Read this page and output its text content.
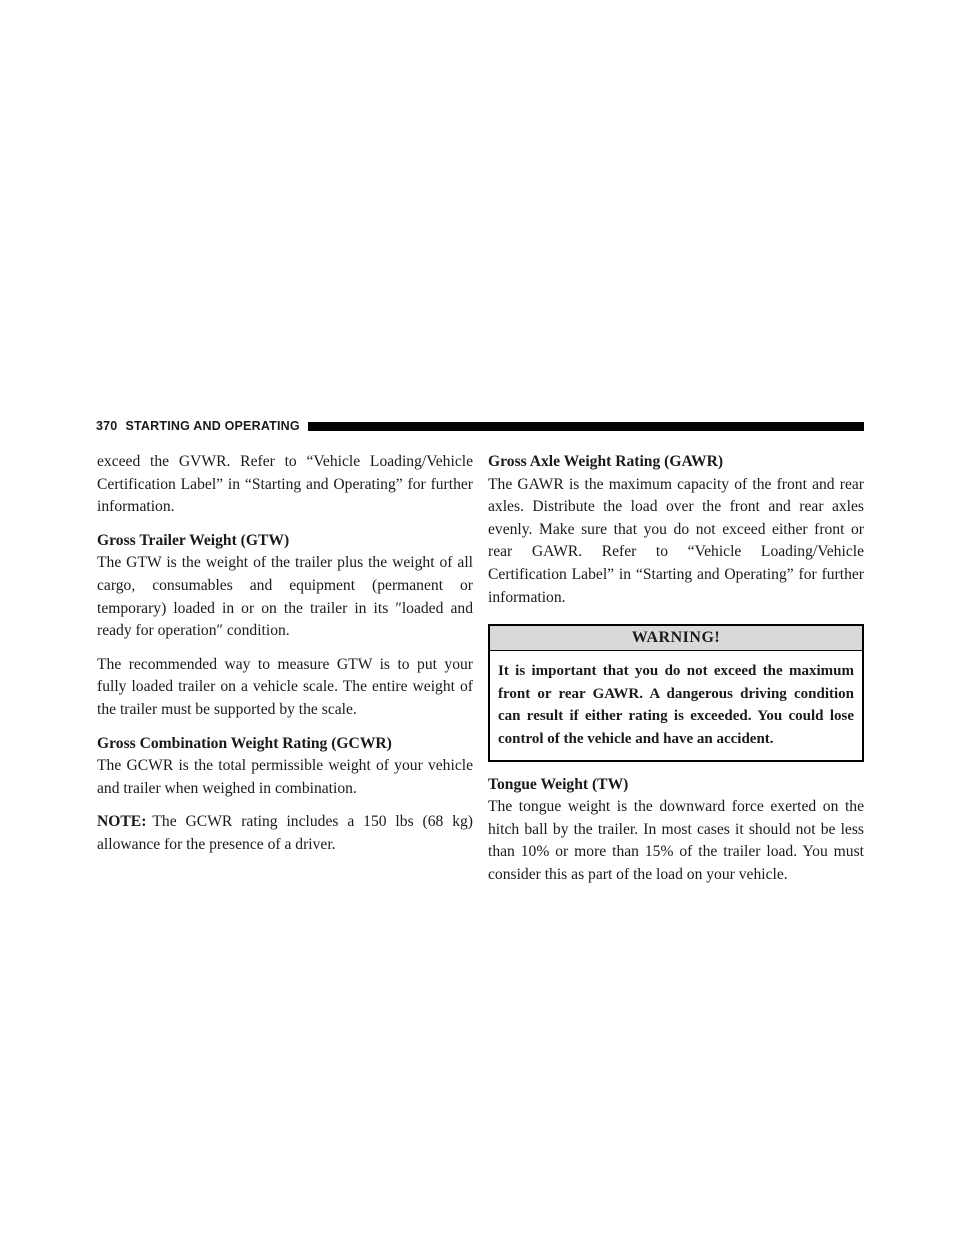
370 STARTING AND OPERATING

exceed the GVWR. Refer to “Vehicle Loading/Vehicle Certification Label” in “Starting and Operating” for further information.

Gross Trailer Weight (GTW)

The GTW is the weight of the trailer plus the weight of all cargo, consumables and equipment (permanent or temporary) loaded in or on the trailer in its ″loaded and ready for operation″ condition.

The recommended way to measure GTW is to put your fully loaded trailer on a vehicle scale. The entire weight of the trailer must be supported by the scale.

Gross Combination Weight Rating (GCWR)

The GCWR is the total permissible weight of your vehicle and trailer when weighed in combination.

NOTE: The GCWR rating includes a 150 lbs (68 kg) allowance for the presence of a driver.

Gross Axle Weight Rating (GAWR)

The GAWR is the maximum capacity of the front and rear axles. Distribute the load over the front and rear axles evenly. Make sure that you do not exceed either front or rear GAWR. Refer to “Vehicle Loading/Vehicle Certification Label” in “Starting and Operating” for further information.

WARNING!
It is important that you do not exceed the maximum front or rear GAWR. A dangerous driving condition can result if either rating is exceeded. You could lose control of the vehicle and have an accident.
Tongue Weight (TW)

The tongue weight is the downward force exerted on the hitch ball by the trailer. In most cases it should not be less than 10% or more than 15% of the trailer load. You must consider this as part of the load on your vehicle.
